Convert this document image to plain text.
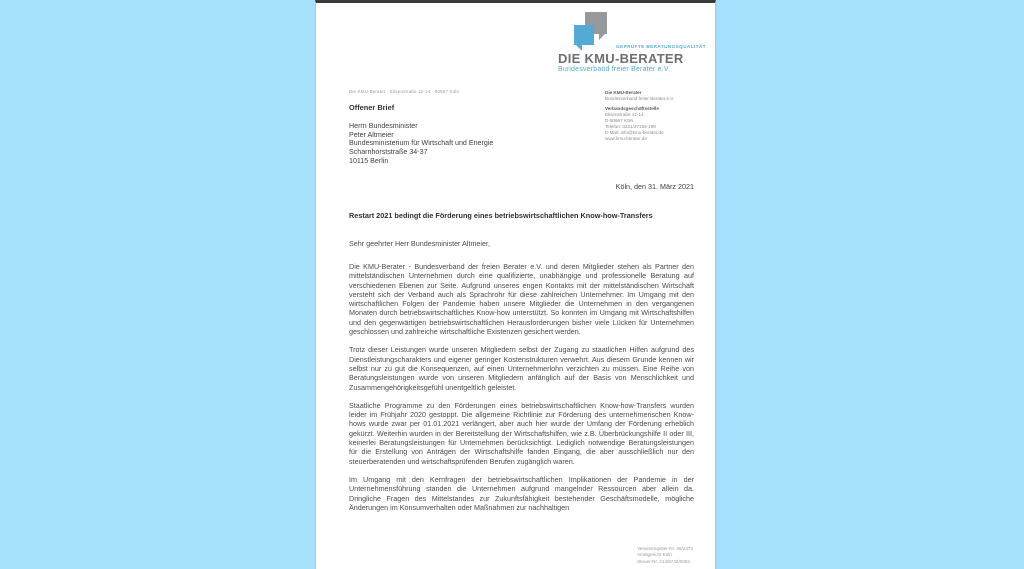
GEPRÜFTE BERATUNGSQUALITÄT
DIE KMU-BERATER
Bundesverband freier Berater e.V.
Die KMU-Berater · Elisenstraße 12-14 · 50667 Köln	Die KMU-Berater
Bundesverband freier Berater e.V.
Verbandsgeschäftsstelle
Elisenstraße 12-14
D-50667 Köln
Telefon: 0221/27156-199
E-Mail: info@kmu-berater.de
www.kmu-berater.de
Offener Brief
Herrn Bundesminister
Peter Altmeier
Bundesministerium für Wirtschaft und Energie
Scharnhorststraße 34-37
10115 Berlin
Köln, den 31. März 2021
Restart 2021 bedingt die Förderung eines betriebswirtschaftlichen Know-how-Transfers
Sehr geehrter Herr Bundesminister Altmeier,

Die KMU-Berater - Bundesverband der freien Berater e.V. und deren Mitglieder stehen als Partner den mittelständischen Unternehmen durch eine qualifizierte, unabhängige und professionelle Beratung auf verschiedenen Ebenen zur Seite. Aufgrund unseres engen Kontakts mit der mittelständischen Wirtschaft versteht sich der Verband auch als Sprachrohr für diese zahlreichen Unternehmer. Im Umgang mit den wirtschaftlichen Folgen der Pandemie haben unsere Mitglieder die Unternehmen in den vergangenen Monaten durch betriebswirtschaftliches Know-how unterstützt. So konnten im Umgang mit Wirtschaftshilfen und den gegenwärtigen betriebswirtschaftlichen Herausforderungen bisher viele Lücken für Unternehmen geschlossen und zahlreiche wirtschaftliche Existenzen gesichert werden.

Trotz dieser Leistungen wurde unseren Mitgliedern selbst der Zugang zu staatlichen Hilfen aufgrund des Dienstleistungscharakters und eigener geringer Kostenstrukturen verwehrt. Aus diesem Grunde kennen wir selbst nur zu gut die Konsequenzen, auf einen Unternehmerlohn verzichten zu müssen. Eine Reihe von Beratungsleistungen wurde von unseren Mitgliedern anfänglich auf der Basis von Menschlichkeit und Zusammengehörigkeitsgefühl unentgeltlich geleistet.

Staatliche Programme zu den Förderungen eines betriebswirtschaftlichen Know-how-Transfers wurden leider im Frühjahr 2020 gestoppt. Die allgemeine Richtlinie zur Förderung des unternehmerischen Know-hows wurde zwar per 01.01.2021 verlängert, aber auch hier wurde der Umfang der Förderung erheblich gekürzt. Weiterhin wurden in der Bereitstellung der Wirtschaftshilfen, wie z.B. Überbrückungshilfe II oder III, keinerlei Beratungsleistungen für Unternehmen berücksichtigt. Lediglich notwendige Beratungsleistungen für die Erstellung von Anträgen der Wirtschaftshilfe fanden Eingang, die aber ausschließlich nur den steuerberatenden und wirtschaftsprüfenden Berufen zugänglich waren.

Im Umgang mit den Kernfragen der betriebswirtschaftlichen Implikationen der Pandemie in der Unternehmensführung standen die Unternehmen aufgrund mangelnder Ressourcen aber allein da. Dringliche Fragen des Mittelstandes zur Zukunftsfähigkeit bestehender Geschäftsmodelle, mögliche Änderungen im Konsumverhalten oder Maßnahmen zur nachhaltigen

Vereinsregister-Nr. 45/2372
Amtsgericht Köln
Steuer-Nr. 214/5742/0382
